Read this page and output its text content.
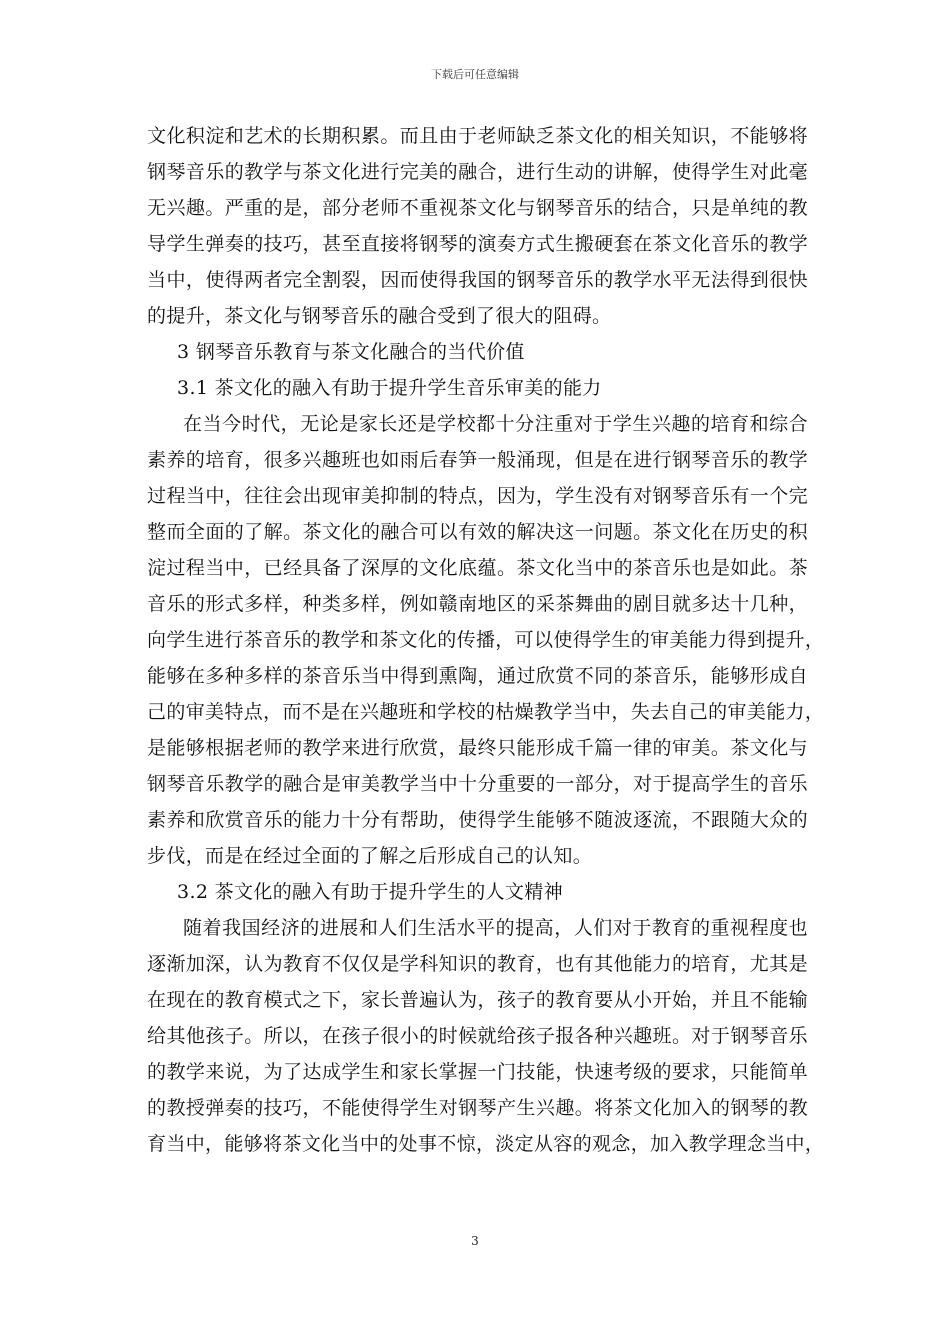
下载后可任意编辑
文化积淀和艺术的长期积累。而且由于老师缺乏茶文化的相关知识，不能够将
钢琴音乐的教学与茶文化进行完美的融合，进行生动的讲解，使得学生对此毫
无兴趣。严重的是，部分老师不重视茶文化与钢琴音乐的结合，只是单纯的教
导学生弹奏的技巧，甚至直接将钢琴的演奏方式生搬硬套在茶文化音乐的教学
当中，使得两者完全割裂，因而使得我国的钢琴音乐的教学水平无法得到很快
的提升，茶文化与钢琴音乐的融合受到了很大的阻碍。
3 钢琴音乐教育与茶文化融合的当代价值
3.1 茶文化的融入有助于提升学生音乐审美的能力
在当今时代，无论是家长还是学校都十分注重对于学生兴趣的培育和综合
素养的培育，很多兴趣班也如雨后春笋一般涌现，但是在进行钢琴音乐的教学
过程当中，往往会出现审美抑制的特点，因为，学生没有对钢琴音乐有一个完
整而全面的了解。茶文化的融合可以有效的解决这一问题。茶文化在历史的积
淀过程当中，已经具备了深厚的文化底蕴。茶文化当中的茶音乐也是如此。茶
音乐的形式多样，种类多样，例如赣南地区的采茶舞曲的剧目就多达十几种，
向学生进行茶音乐的教学和茶文化的传播，可以使得学生的审美能力得到提升，
能够在多种多样的茶音乐当中得到熏陶，通过欣赏不同的茶音乐，能够形成自
己的审美特点，而不是在兴趣班和学校的枯燥教学当中，失去自己的审美能力，
是能够根据老师的教学来进行欣赏，最终只能形成千篇一律的审美。茶文化与
钢琴音乐教学的融合是审美教学当中十分重要的一部分，对于提高学生的音乐
素养和欣赏音乐的能力十分有帮助，使得学生能够不随波逐流，不跟随大众的
步伐，而是在经过全面的了解之后形成自己的认知。
3.2 茶文化的融入有助于提升学生的人文精神
随着我国经济的进展和人们生活水平的提高，人们对于教育的重视程度也
逐渐加深，认为教育不仅仅是学科知识的教育，也有其他能力的培育，尤其是
在现在的教育模式之下，家长普遍认为，孩子的教育要从小开始，并且不能输
给其他孩子。所以，在孩子很小的时候就给孩子报各种兴趣班。对于钢琴音乐
的教学来说，为了达成学生和家长掌握一门技能，快速考级的要求，只能简单
的教授弹奏的技巧，不能使得学生对钢琴产生兴趣。将茶文化加入的钢琴的教
育当中，能够将茶文化当中的处事不惊，淡定从容的观念，加入教学理念当中，
3
